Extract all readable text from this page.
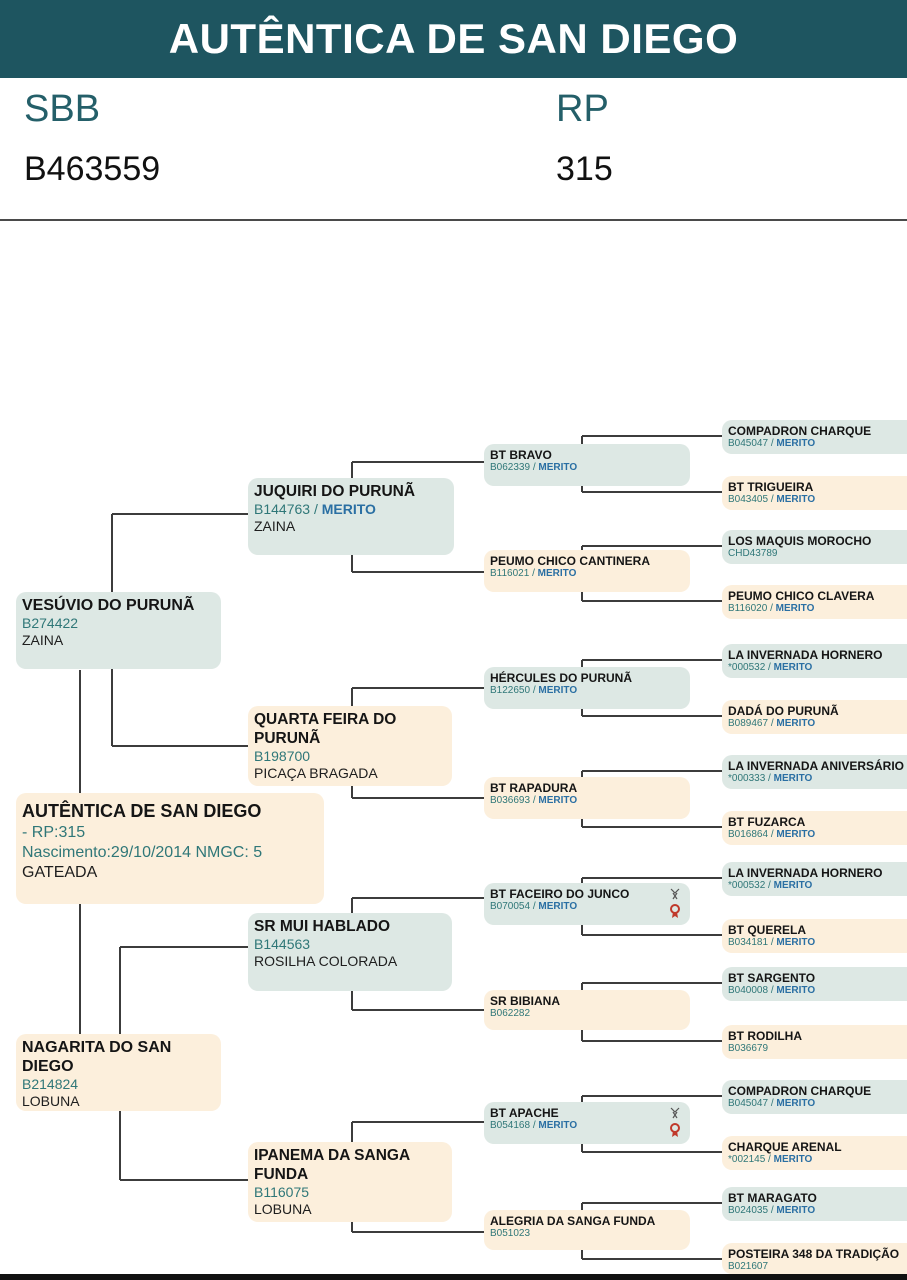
AUTÊNTICA DE SAN DIEGO
SBB
B463559
RP
315
AUTÊNTICA DE SAN DIEGO
- RP:315
Nascimento:29/10/2014 NMGC: 5
GATEADA
VESÚVIO DO PURUNÃ
B274422
ZAINA
NAGARITA DO SAN DIEGO
B214824
LOBUNA
JUQUIRI DO PURUNÃ
B144763 / MERITO
ZAINA
QUARTA FEIRA DO PURUNÃ
B198700
PICAÇA BRAGADA
SR MUI HABLADO
B144563
ROSILHA COLORADA
IPANEMA DA SANGA FUNDA
B116075
LOBUNA
BT BRAVO
B062339 / MERITO
PEUMO CHICO CANTINERA
B116021 / MERITO
HÉRCULES DO PURUNÃ
B122650 / MERITO
BT RAPADURA
B036693 / MERITO
BT FACEIRO DO JUNCO
B070054 / MERITO
SR BIBIANA
B062282
BT APACHE
B054168 / MERITO
ALEGRIA DA SANGA FUNDA
B051023
COMPADRON CHARQUE
B045047 / MERITO
BT TRIGUEIRA
B043405 / MERITO
LOS MAQUIS MOROCHO
CHD43789
PEUMO CHICO CLAVERA
B116020 / MERITO
LA INVERNADA HORNERO
*000532 / MERITO
DADÁ DO PURUNÃ
B089467 / MERITO
LA INVERNADA ANIVERSÁRIO
*000333 / MERITO
BT FUZARCA
B016864 / MERITO
LA INVERNADA HORNERO
*000532 / MERITO
BT QUERELA
B034181 / MERITO
BT SARGENTO
B040008 / MERITO
BT RODILHA
B036679
COMPADRON CHARQUE
B045047 / MERITO
CHARQUE ARENAL
*002145 / MERITO
BT MARAGATO
B024035 / MERITO
POSTEIRA 348 DA TRADIÇÃO
B021607
